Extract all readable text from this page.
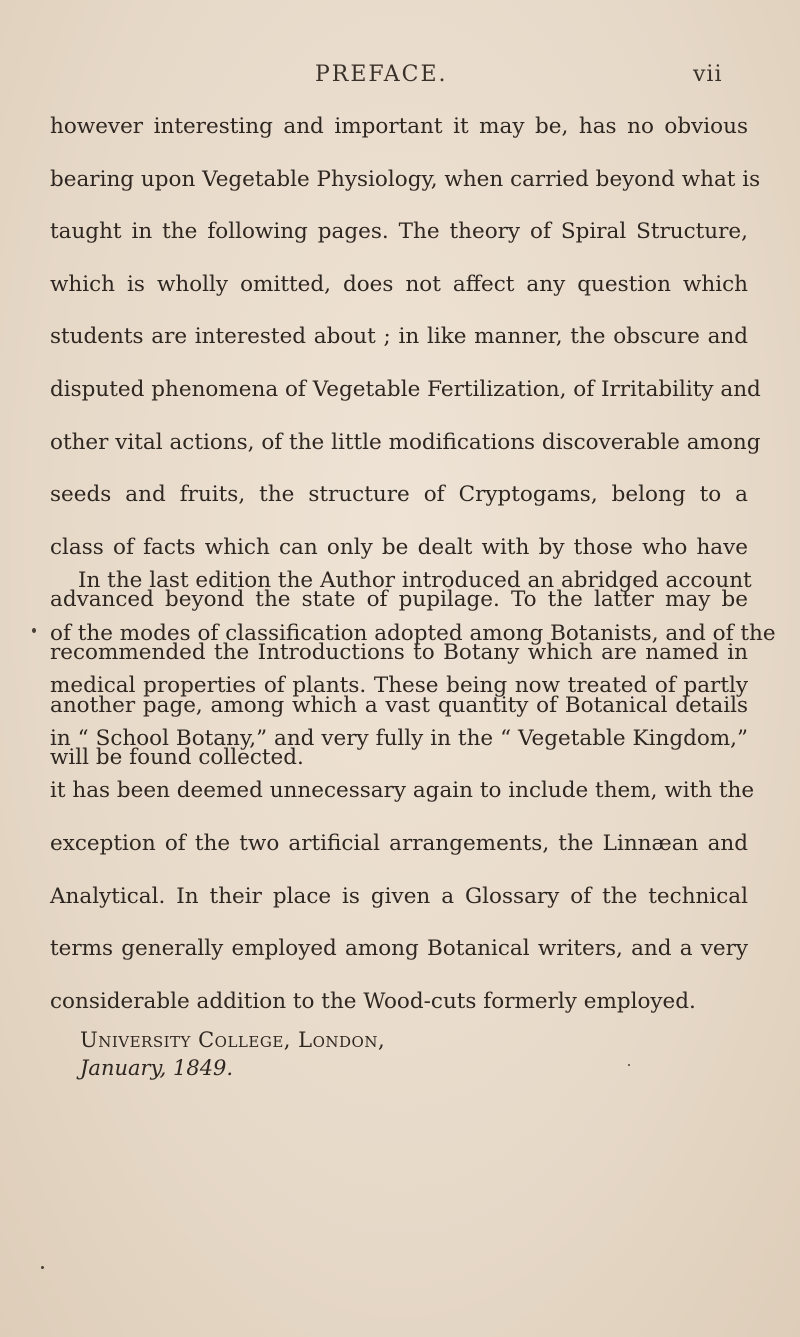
PREFACE.	vii
however interesting and important it may be, has no obvious
bearing upon Vegetable Physiology, when carried beyond what is
taught in the following pages. The theory of Spiral Structure,
which is wholly omitted, does not affect any question which
students are interested about ; in like manner, the obscure and
disputed phenomena of Vegetable Fertilization, of Irritability and
other vital actions, of the little modifications discoverable among
seeds and fruits, the structure of Cryptogams, belong to a
class of facts which can only be dealt with by those who have
advanced beyond the state of pupilage. To the latter may be
recommended the Introductions to Botany which are named in
another page, among which a vast quantity of Botanical details
will be found collected.
In the last edition the Author introduced an abridged account
of the modes of classification adopted among Botanists, and of the
medical properties of plants. These being now treated of partly
in “ School Botany,” and very fully in the “ Vegetable Kingdom,”
it has been deemed unnecessary again to include them, with the
exception of the two artificial arrangements, the Linnæan and
Analytical. In their place is given a Glossary of the technical
terms generally employed among Botanical writers, and a very
considerable addition to the Wood-cuts formerly employed.
University College, London,
January, 1849.
